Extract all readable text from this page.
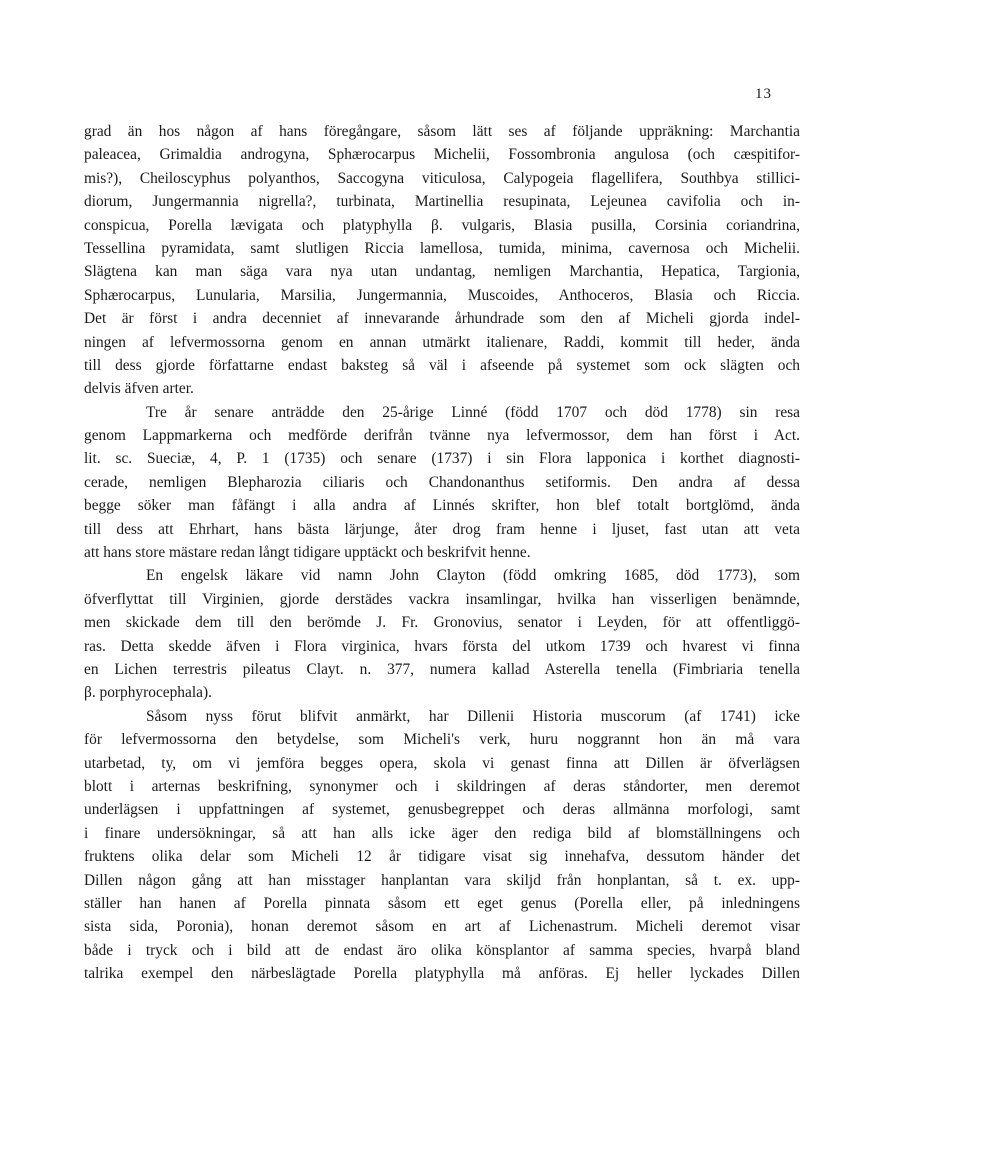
13
grad än hos någon af hans föregångare, såsom lätt ses af följande uppräkning: Marchantia
paleacea, Grimaldia androgyna, Sphærocarpus Michelii, Fossombronia angulosa (och cæspitifor-
mis?), Cheiloscyphus polyanthos, Saccogyna viticulosa, Calypogeia flagellifera, Southbya stillici-
diorum, Jungermannia nigrella?, turbinata, Martinellia resupinata, Lejeunea cavifolia och in-
conspicua, Porella lævigata och platyphylla β. vulgaris, Blasia pusilla, Corsinia coriandrina,
Tessellina pyramidata, samt slutligen Riccia lamellosa, tumida, minima, cavernosa och Michelii.
Slägtena kan man säga vara nya utan undantag, nemligen Marchantia, Hepatica, Targionia,
Sphærocarpus, Lunularia, Marsilia, Jungermannia, Muscoides, Anthoceros, Blasia och Riccia.
Det är först i andra decenniet af innevarande århundrade som den af Micheli gjorda indel-
ningen af lefvermossorna genom en annan utmärkt italienare, Raddi, kommit till heder, ända
till dess gjorde författarne endast baksteg så väl i afseende på systemet som ock slägten och
delvis äfven arter.
Tre år senare anträdde den 25-årige Linné (född 1707 och död 1778) sin resa
genom Lappmarkerna och medförde derifrån tvänne nya lefvermossor, dem han först i Act.
lit. sc. Sueciæ, 4, P. 1 (1735) och senare (1737) i sin Flora lapponica i korthet diagnosti-
cerade, nemligen Blepharozia ciliaris och Chandonanthus setiformis. Den andra af dessa
begge söker man fåfängt i alla andra af Linnés skrifter, hon blef totalt bortglömd, ända
till dess att Ehrhart, hans bästa lärjunge, åter drog fram henne i ljuset, fast utan att veta
att hans store mästare redan långt tidigare upptäckt och beskrifvit henne.
En engelsk läkare vid namn John Clayton (född omkring 1685, död 1773), som
öfverflyttat till Virginien, gjorde derstädes vackra insamlingar, hvilka han visserligen benämnde,
men skickade dem till den berömde J. Fr. Gronovius, senator i Leyden, för att offentliggö-
ras. Detta skedde äfven i Flora virginica, hvars första del utkom 1739 och hvarest vi finna
en Lichen terrestris pileatus Clayt. n. 377, numera kallad Asterella tenella (Fimbriaria tenella
β. porphyrocephala).
Såsom nyss förut blifvit anmärkt, har Dillenii Historia muscorum (af 1741) icke
för lefvermossorna den betydelse, som Micheli's verk, huru noggrannt hon än må vara
utarbetad, ty, om vi jemföra begges opera, skola vi genast finna att Dillen är öfverlägsen
blott i arternas beskrifning, synonymer och i skildringen af deras ståndorter, men deremot
underlägsen i uppfattningen af systemet, genusbegreppet och deras allmänna morfologi, samt
i finare undersökningar, så att han alls icke äger den rediga bild af blomställningens och
fruktens olika delar som Micheli 12 år tidigare visat sig innehafva, dessutom händer det
Dillen någon gång att han misstager hanplantan vara skiljd från honplantan, så t. ex. upp-
ställer han hanen af Porella pinnata såsom ett eget genus (Porella eller, på inledningens
sista sida, Poronia), honan deremot såsom en art af Lichenastrum. Micheli deremot visar
både i tryck och i bild att de endast äro olika könsplantor af samma species, hvarpå bland
talrika exempel den närbeslägtade Porella platyphylla må anföras. Ej heller lyckades Dillen
